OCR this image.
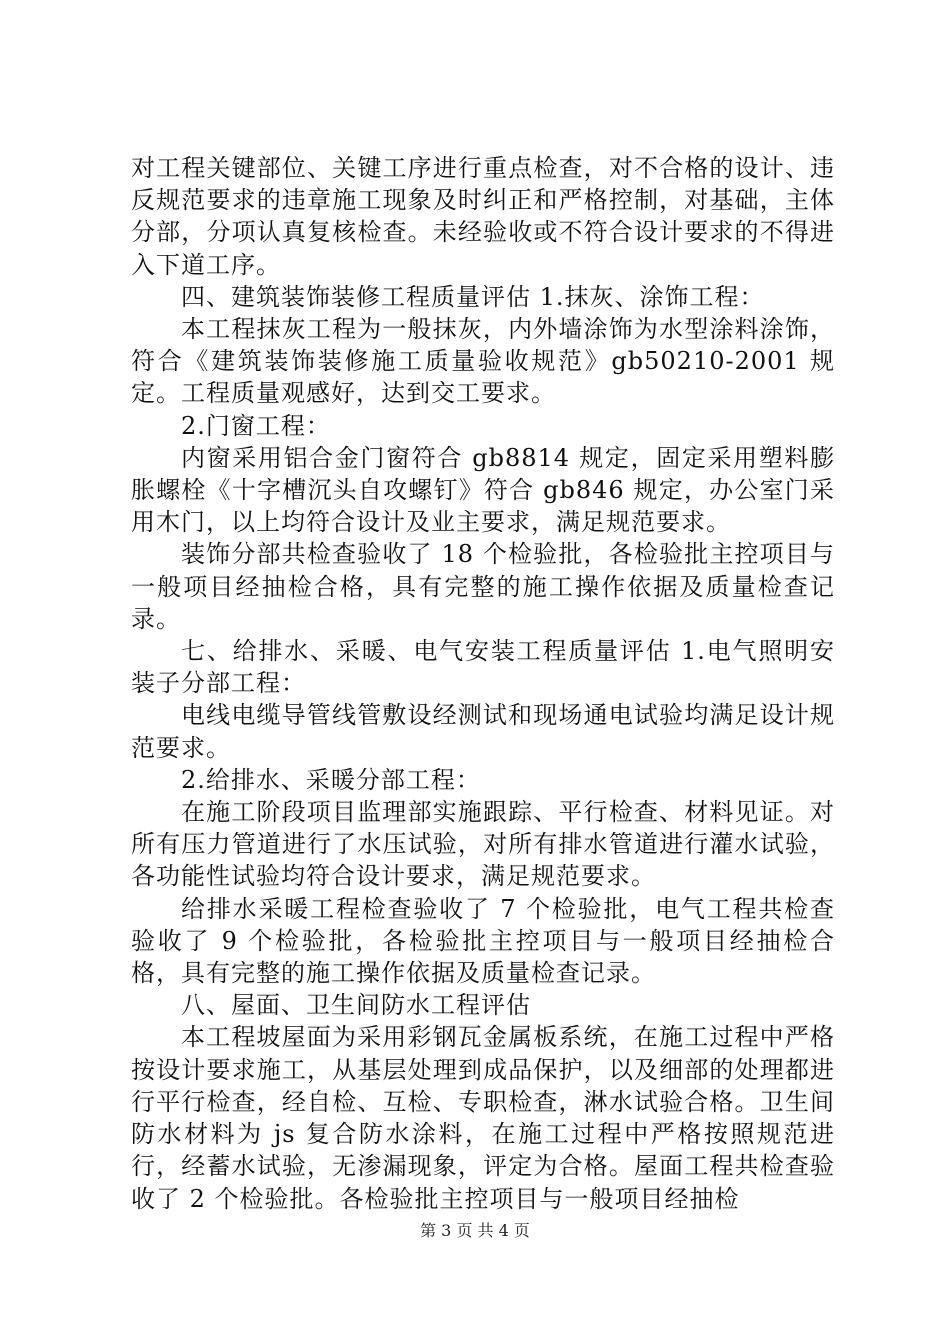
对工程关键部位、关键工序进行重点检查，对不合格的设计、违反规范要求的违章施工现象及时纠正和严格控制，对基础，主体分部，分项认真复核检查。未经验收或不符合设计要求的不得进入下道工序。

四、建筑装饰装修工程质量评估 1.抹灰、涂饰工程：

本工程抹灰工程为一般抹灰，内外墙涂饰为水型涂料涂饰，符合《建筑装饰装修施工质量验收规范》gb50210-2001 规定。工程质量观感好，达到交工要求。

2.门窗工程：

内窗采用铝合金门窗符合 gb8814 规定，固定采用塑料膨胀螺栓《十字槽沉头自攻螺钉》符合 gb846 规定，办公室门采用木门，以上均符合设计及业主要求，满足规范要求。

装饰分部共检查验收了 18 个检验批，各检验批主控项目与一般项目经抽检合格，具有完整的施工操作依据及质量检查记录。

七、给排水、采暖、电气安装工程质量评估 1.电气照明安装子分部工程：

电线电缆导管线管敷设经测试和现场通电试验均满足设计规范要求。

2.给排水、采暖分部工程：

在施工阶段项目监理部实施跟踪、平行检查、材料见证。对所有压力管道进行了水压试验，对所有排水管道进行灌水试验，各功能性试验均符合设计要求，满足规范要求。

给排水采暖工程检查验收了 7 个检验批，电气工程共检查验收了 9 个检验批，各检验批主控项目与一般项目经抽检合格，具有完整的施工操作依据及质量检查记录。

八、屋面、卫生间防水工程评估

本工程坡屋面为采用彩钢瓦金属板系统，在施工过程中严格按设计要求施工，从基层处理到成品保护，以及细部的处理都进行平行检查，经自检、互检、专职检查，淋水试验合格。卫生间防水材料为 js 复合防水涂料，在施工过程中严格按照规范进行，经蓄水试验，无渗漏现象，评定为合格。屋面工程共检查验收了 2 个检验批。各检验批主控项目与一般项目经抽检

第 3 页 共 4 页
